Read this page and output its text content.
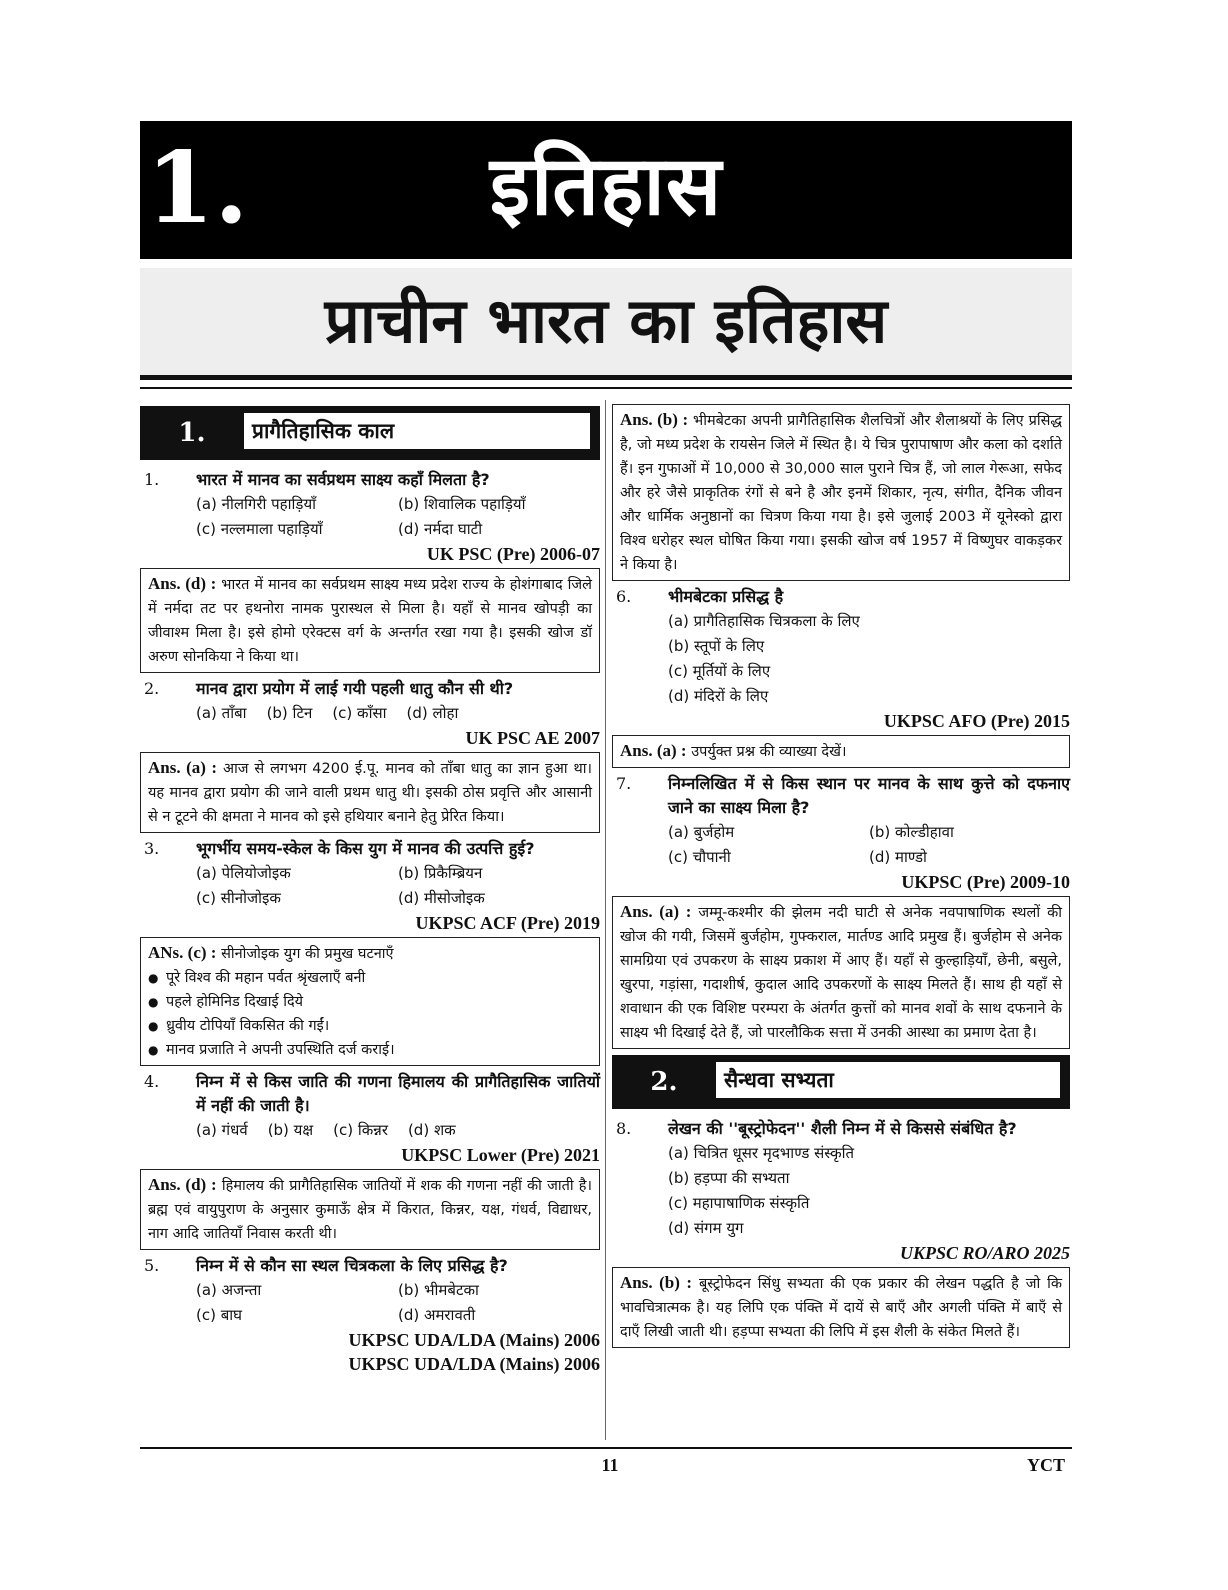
1.	इतिहास
प्राचीन भारत का इतिहास
1.	प्रागैतिहासिक काल
1. भारत में मानव का सर्वप्रथम साक्ष्य कहाँ मिलता है?
(a) नीलगिरी पहाड़ियाँ	(b) शिवालिक पहाड़ियाँ
(c) नल्लमाला पहाड़ियाँ	(d) नर्मदा घाटी
UK PSC (Pre) 2006-07
Ans. (d) : भारत में मानव का सर्वप्रथम साक्ष्य मध्य प्रदेश राज्य के होशंगाबाद जिले में नर्मदा तट पर हथनोरा नामक पुरास्थल से मिला है। यहाँ से मानव खोपड़ी का जीवाश्म मिला है। इसे होमो एरेक्टस वर्ग के अन्तर्गत रखा गया है। इसकी खोज डॉ अरुण सोनकिया ने किया था।
2. मानव द्वारा प्रयोग में लाई गयी पहली धातु कौन सी थी?
(a) ताँबा (b) टिन (c) काँसा (d) लोहा
UK PSC AE 2007
Ans. (a) : आज से लगभग 4200 ई.पू. मानव को ताँबा धातु का ज्ञान हुआ था। यह मानव द्वारा प्रयोग की जाने वाली प्रथम धातु थी। इसकी ठोस प्रवृत्ति और आसानी से न टूटने की क्षमता ने मानव को इसे हथियार बनाने हेतु प्रेरित किया।
3. भूगर्भीय समय-स्केल के किस युग में मानव की उत्पत्ति हुई?
(a) पेलियोजोइक	(b) प्रिकैम्ब्रियन
(c) सीनोजोइक	(d) मीसोजोइक
UKPSC ACF (Pre) 2019
ANs. (c) : सीनोजोइक युग की प्रमुख घटनाएँ
● पूरे विश्व की महान पर्वत श्रृंखलाएँ बनी
● पहले होमिनिड दिखाई दिये
● ध्रुवीय टोपियाँ विकसित की गईं।
● मानव प्रजाति ने अपनी उपस्थिति दर्ज कराई।
4. निम्न में से किस जाति की गणना हिमालय की प्रागैतिहासिक जातियों में नहीं की जाती है।
(a) गंधर्व (b) यक्ष (c) किन्नर (d) शक
UKPSC Lower (Pre) 2021
Ans. (d) : हिमालय की प्रागैतिहासिक जातियों में शक की गणना नहीं की जाती है। ब्रह्म एवं वायुपुराण के अनुसार कुमाऊँ क्षेत्र में किरात, किन्नर, यक्ष, गंधर्व, विद्याधर, नाग आदि जातियाँ निवास करती थी।
5. निम्न में से कौन सा स्थल चित्रकला के लिए प्रसिद्ध है?
(a) अजन्ता	(b) भीमबेटका
(c) बाघ	(d) अमरावती
UKPSC UDA/LDA (Mains) 2006
UKPSC UDA/LDA (Mains) 2006
Ans. (b) : भीमबेटका अपनी प्रागैतिहासिक शैलचित्रों और शैलाश्रयों के लिए प्रसिद्ध है, जो मध्य प्रदेश के रायसेन जिले में स्थित है। ये चित्र पुरापाषाण और कला को दर्शाते हैं। इन गुफाओं में 10,000 से 30,000 साल पुराने चित्र हैं, जो लाल गेरूआ, सफेद और हरे जैसे प्राकृतिक रंगों से बने है और इनमें शिकार, नृत्य, संगीत, दैनिक जीवन और धार्मिक अनुष्ठानों का चित्रण किया गया है। इसे जुलाई 2003 में यूनेस्को द्वारा विश्व धरोहर स्थल घोषित किया गया। इसकी खोज वर्ष 1957 में विष्णुघर वाकड़कर ने किया है।
6. भीमबेटका प्रसिद्ध है
(a) प्रागैतिहासिक चित्रकला के लिए
(b) स्तूपों के लिए
(c) मूर्तियों के लिए
(d) मंदिरों के लिए
UKPSC AFO (Pre) 2015
Ans. (a) : उपर्युक्त प्रश्न की व्याख्या देखें।
7. निम्नलिखित में से किस स्थान पर मानव के साथ कुत्ते को दफनाए जाने का साक्ष्य मिला है?
(a) बुर्जहोम	(b) कोल्डीहावा
(c) चौपानी	(d) माण्डो
UKPSC (Pre) 2009-10
Ans. (a) : जम्मू-कश्मीर की झेलम नदी घाटी से अनेक नवपाषाणिक स्थलों की खोज की गयी, जिसमें बुर्जहोम, गुफ्कराल, मार्तण्ड आदि प्रमुख हैं। बुर्जहोम से अनेक सामग्रिया एवं उपकरण के साक्ष्य प्रकाश में आए हैं। यहाँ से कुल्हाड़ियाँ, छेनी, बसुले, खुरपा, गड़ांसा, गदाशीर्ष, कुदाल आदि उपकरणों के साक्ष्य मिलते हैं। साथ ही यहाँ से शवाधान की एक विशिष्ट परम्परा के अंतर्गत कुत्तों को मानव शवों के साथ दफनाने के साक्ष्य भी दिखाई देते हैं, जो पारलौकिक सत्ता में उनकी आस्था का प्रमाण देता है।
2.	सैन्धवा सभ्यता
8. लेखन की ''बूस्ट्रोफेदन'' शैली निम्न में से किससे संबंधित है?
(a) चित्रित धूसर मृदभाण्ड संस्कृति
(b) हड़प्पा की सभ्यता
(c) महापाषाणिक संस्कृति
(d) संगम युग
UKPSC RO/ARO 2025
Ans. (b) : बूस्ट्रोफेदन सिंधु सभ्यता की एक प्रकार की लेखन पद्धति है जो कि भावचित्रात्मक है। यह लिपि एक पंक्ति में दायें से बाएँ और अगली पंक्ति में बाएँ से दाएँ लिखी जाती थी। हड़प्पा सभ्यता की लिपि में इस शैली के संकेत मिलते हैं।
11	YCT
